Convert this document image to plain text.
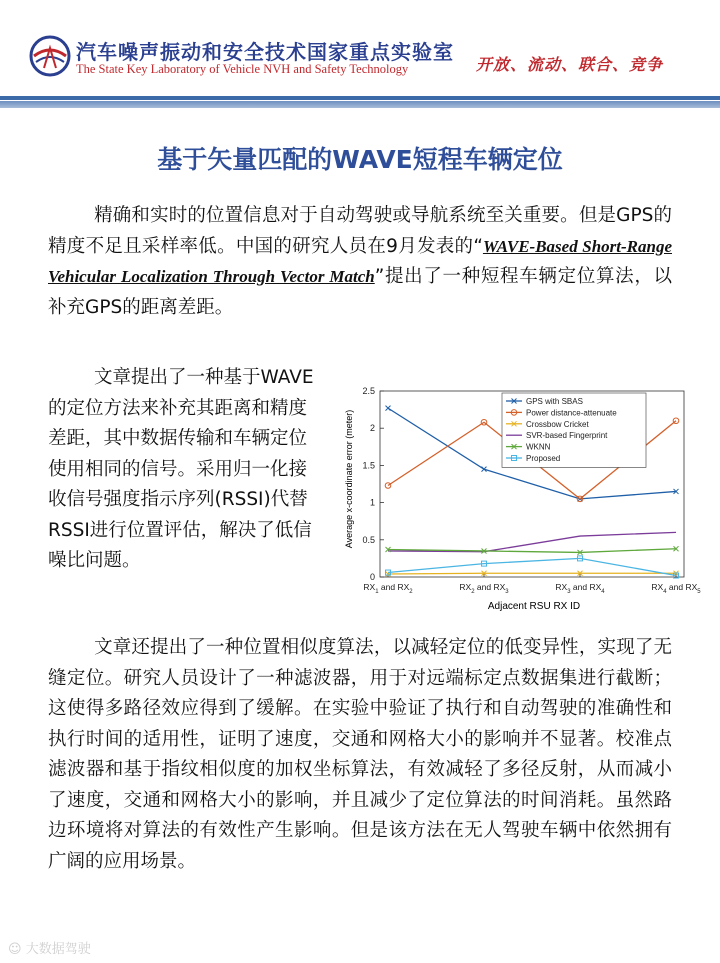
汽车噪声振动和安全技术国家重点实验室
The State Key Laboratory of Vehicle NVH and Safety Technology	开放、流动、联合、竞争
基于矢量匹配的WAVE短程车辆定位
精确和实时的位置信息对于自动驾驶或导航系统至关重要。但是GPS的精度不足且采样率低。中国的研究人员在9月发表的“WAVE-Based Short-Range Vehicular Localization Through Vector Match”提出了一种短程车辆定位算法，以补充GPS的距离差距。
文章提出了一种基于WAVE的定位方法来补充其距离和精度差距，其中数据传输和车辆定位使用相同的信号。采用归一化接收信号强度指示序列(RSSI)代替RSSI进行位置评估，解决了低信噪比问题。
0
0.5
1
1.5
2
2.5
$RX_1$ and $RX_2$	$RX_2$ and $RX_3$	$RX_3$ and $RX_4$	$RX_4$ and $RX_5$
GPS with SBAS
Power distance-attenuate
Crossbow Cricket
SVR-based Fingerprint
WKNN
Proposed
Average x-coordinate error (meter)
Adjacent RSU RX ID
文章还提出了一种位置相似度算法，以减轻定位的低变异性，实现了无缝定位。研究人员设计了一种滤波器，用于对远端标定点数据集进行截断；这使得多路径效应得到了缓解。在实验中验证了执行和自动驾驶的准确性和执行时间的适用性，证明了速度，交通和网格大小的影响并不显著。校准点滤波器和基于指纹相似度的加权坐标算法，有效减轻了多径反射，从而减小了速度，交通和网格大小的影响，并且减少了定位算法的时间消耗。虽然路边环境将对算法的有效性产生影响。但是该方法在无人驾驶车辆中依然拥有广阔的应用场景。
☺ 大数据驾驶
